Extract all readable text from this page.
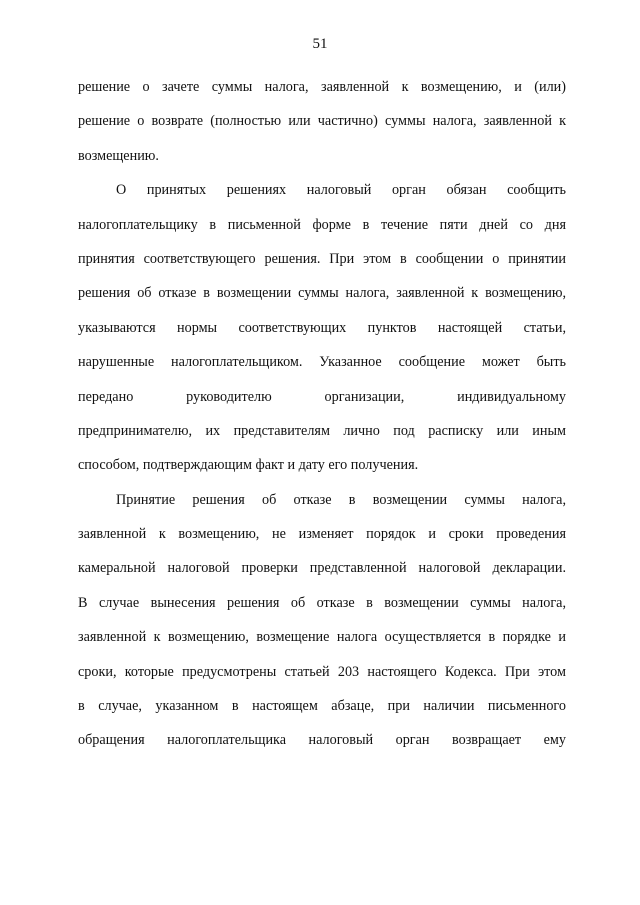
51
решение о зачете суммы налога, заявленной к возмещению, и (или)
решение о возврате (полностью или частично) суммы налога, заявленной к
возмещению.
О принятых решениях налоговый орган обязан сообщить
налогоплательщику в письменной форме в течение пяти дней со дня
принятия соответствующего решения. При этом в сообщении о принятии
решения об отказе в возмещении суммы налога, заявленной к возмещению,
указываются нормы соответствующих пунктов настоящей статьи,
нарушенные налогоплательщиком. Указанное сообщение может быть
передано руководителю организации, индивидуальному
предпринимателю, их представителям лично под расписку или иным
способом, подтверждающим факт и дату его получения.
Принятие решения об отказе в возмещении суммы налога,
заявленной к возмещению, не изменяет порядок и сроки проведения
камеральной налоговой проверки представленной налоговой декларации.
В случае вынесения решения об отказе в возмещении суммы налога,
заявленной к возмещению, возмещение налога осуществляется в порядке и
сроки, которые предусмотрены статьей 203 настоящего Кодекса. При этом
в случае, указанном в настоящем абзаце, при наличии письменного
обращения налогоплательщика налоговый орган возвращает ему
